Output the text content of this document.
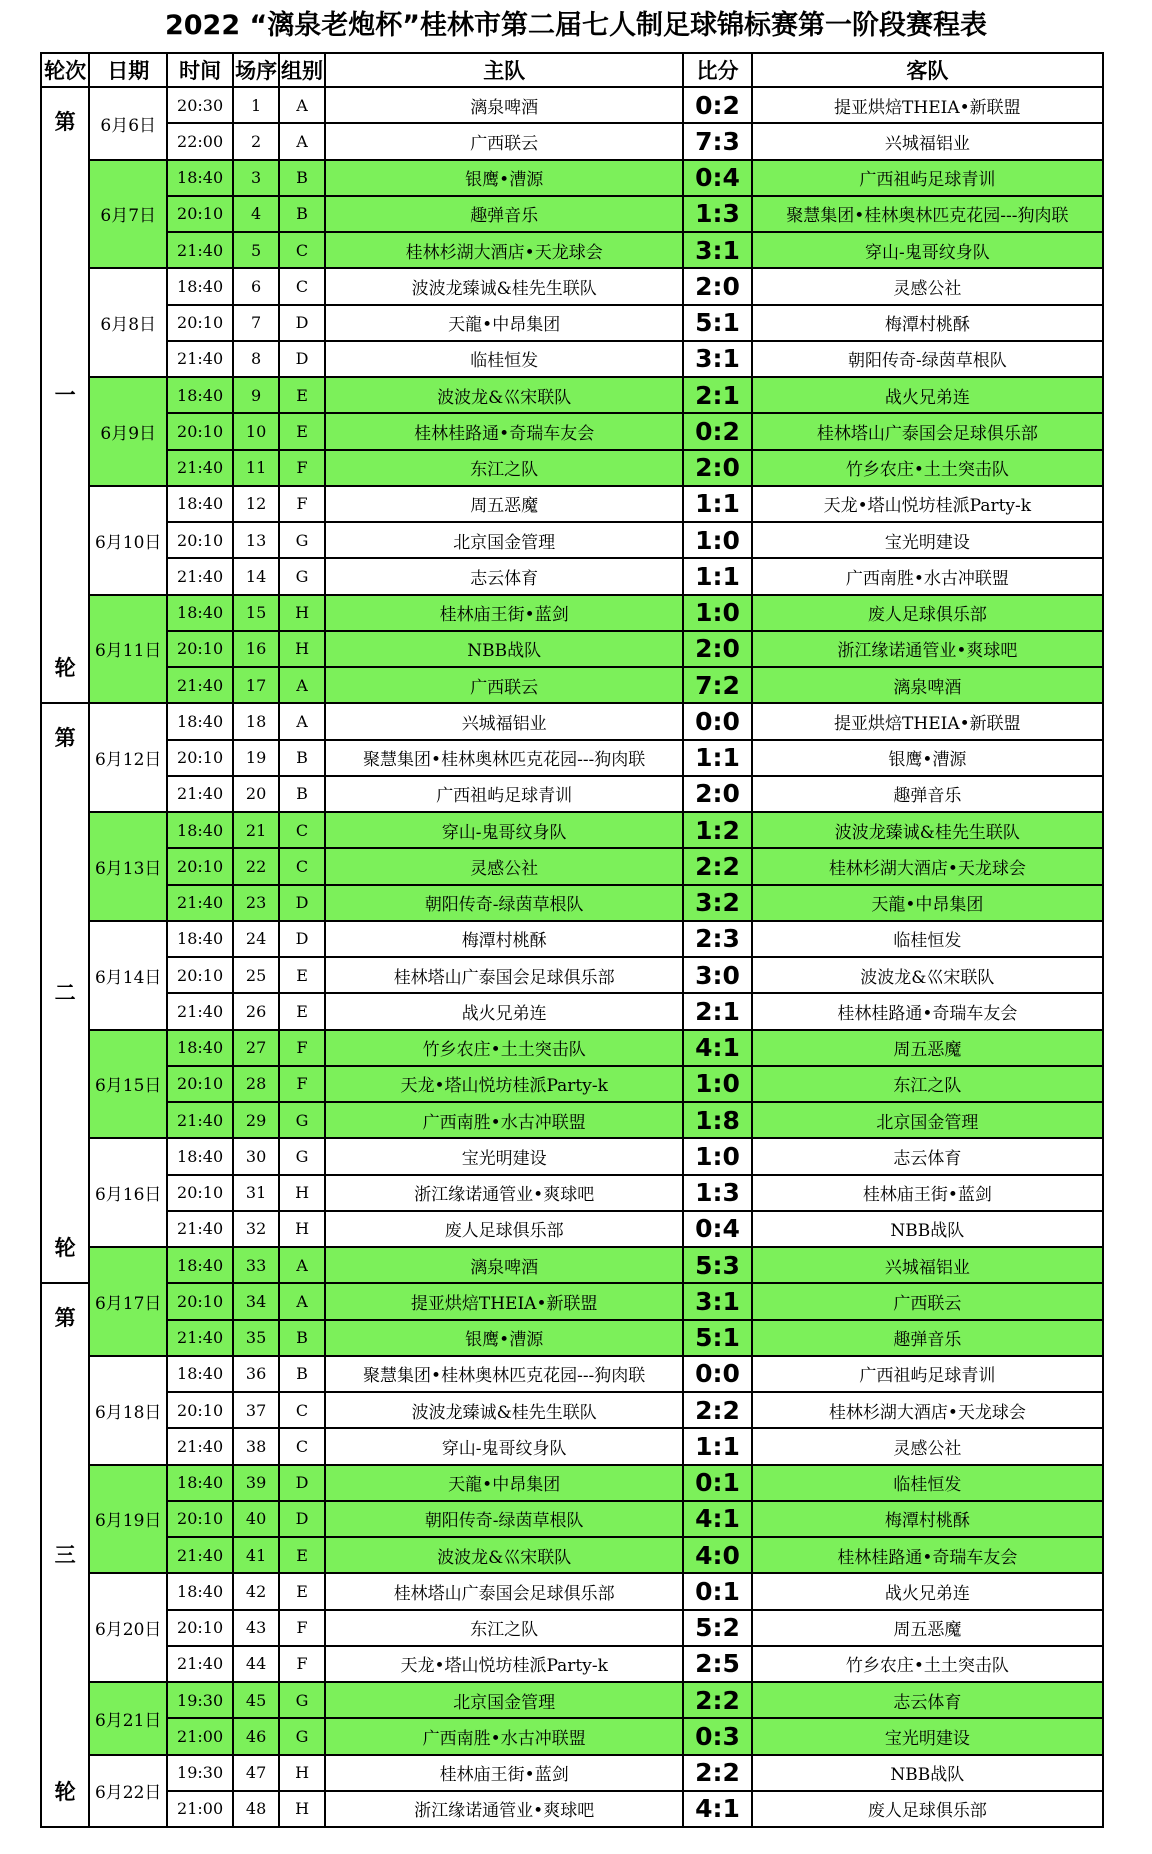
2022 “漓泉老炮杯”桂林市第二届七人制足球锦标赛第一阶段赛程表
轮次	日期	时间	场序	组别	主队	比分	客队

第
一
轮	6月6日	20:30	1	A	漓泉啤酒	0:2	提亚烘焙THEIA•新联盟
		22:00	2	A	广西联云	7:3	兴城福铝业
	6月7日	18:40	3	B	银鹰•漕源	0:4	广西祖屿足球青训
		20:10	4	B	趣弹音乐	1:3	聚慧集团•桂林奥林匹克花园---狗肉联
		21:40	5	C	桂林杉湖大酒店•天龙球会	3:1	穿山-鬼哥纹身队
	6月8日	18:40	6	C	波波龙臻诚&桂先生联队	2:0	灵感公社
		20:10	7	D	天龍•中昂集团	5:1	梅潭村桃酥
		21:40	8	D	临桂恒发	3:1	朝阳传奇-绿茵草根队
	6月9日	18:40	9	E	波波龙&巛宋联队	2:1	战火兄弟连
		20:10	10	E	桂林桂路通•奇瑞车友会	0:2	桂林塔山广泰国会足球俱乐部
		21:40	11	F	东江之队	2:0	竹乡农庄•土土突击队
	6月10日	18:40	12	F	周五恶魔	1:1	天龙•塔山悦坊桂派Party-k
		20:10	13	G	北京国金管理	1:0	宝光明建设
		21:40	14	G	志云体育	1:1	广西南胜•水古冲联盟
	6月11日	18:40	15	H	桂林庙王街•蓝剑	1:0	废人足球俱乐部
		20:10	16	H	NBB战队	2:0	浙江缘诺通管业•爽球吧
		21:40	17	A	广西联云	7:2	漓泉啤酒

第
二
轮	6月12日	18:40	18	A	兴城福铝业	0:0	提亚烘焙THEIA•新联盟
		20:10	19	B	聚慧集团•桂林奥林匹克花园---狗肉联	1:1	银鹰•漕源
		21:40	20	B	广西祖屿足球青训	2:0	趣弹音乐
	6月13日	18:40	21	C	穿山-鬼哥纹身队	1:2	波波龙臻诚&桂先生联队
		20:10	22	C	灵感公社	2:2	桂林杉湖大酒店•天龙球会
		21:40	23	D	朝阳传奇-绿茵草根队	3:2	天龍•中昂集团
	6月14日	18:40	24	D	梅潭村桃酥	2:3	临桂恒发
		20:10	25	E	桂林塔山广泰国会足球俱乐部	3:0	波波龙&巛宋联队
		21:40	26	E	战火兄弟连	2:1	桂林桂路通•奇瑞车友会
	6月15日	18:40	27	F	竹乡农庄•土土突击队	4:1	周五恶魔
		20:10	28	F	天龙•塔山悦坊桂派Party-k	1:0	东江之队
		21:40	29	G	广西南胜•水古冲联盟	1:8	北京国金管理
	6月16日	18:40	30	G	宝光明建设	1:0	志云体育
		20:10	31	H	浙江缘诺通管业•爽球吧	1:3	桂林庙王街•蓝剑
		21:40	32	H	废人足球俱乐部	0:4	NBB战队
	6月17日	18:40	33	A	漓泉啤酒	5:3	兴城福铝业

第
三
轮		20:10	34	A	提亚烘焙THEIA•新联盟	3:1	广西联云
		21:40	35	B	银鹰•漕源	5:1	趣弹音乐
	6月18日	18:40	36	B	聚慧集团•桂林奥林匹克花园---狗肉联	0:0	广西祖屿足球青训
		20:10	37	C	波波龙臻诚&桂先生联队	2:2	桂林杉湖大酒店•天龙球会
		21:40	38	C	穿山-鬼哥纹身队	1:1	灵感公社
	6月19日	18:40	39	D	天龍•中昂集团	0:1	临桂恒发
		20:10	40	D	朝阳传奇-绿茵草根队	4:1	梅潭村桃酥
		21:40	41	E	波波龙&巛宋联队	4:0	桂林桂路通•奇瑞车友会
	6月20日	18:40	42	E	桂林塔山广泰国会足球俱乐部	0:1	战火兄弟连
		20:10	43	F	东江之队	5:2	周五恶魔
		21:40	44	F	天龙•塔山悦坊桂派Party-k	2:5	竹乡农庄•土土突击队
	6月21日	19:30	45	G	北京国金管理	2:2	志云体育
		21:00	46	G	广西南胜•水古冲联盟	0:3	宝光明建设
	6月22日	19:30	47	H	桂林庙王街•蓝剑	2:2	NBB战队
		21:00	48	H	浙江缘诺通管业•爽球吧	4:1	废人足球俱乐部
